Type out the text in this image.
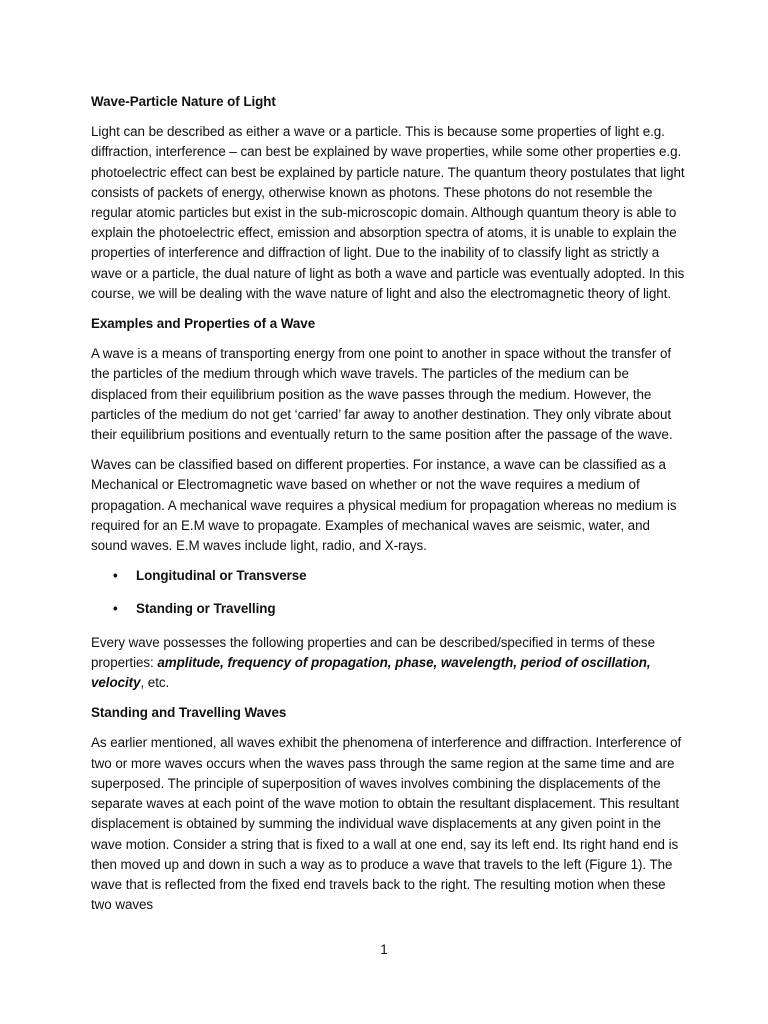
Wave-Particle Nature of Light

Light can be described as either a wave or a particle. This is because some properties of light e.g. diffraction, interference – can best be explained by wave properties, while some other properties e.g. photoelectric effect can best be explained by particle nature. The quantum theory postulates that light consists of packets of energy, otherwise known as photons. These photons do not resemble the regular atomic particles but exist in the sub-microscopic domain. Although quantum theory is able to explain the photoelectric effect, emission and absorption spectra of atoms, it is unable to explain the properties of interference and diffraction of light. Due to the inability of to classify light as strictly a wave or a particle, the dual nature of light as both a wave and particle was eventually adopted. In this course, we will be dealing with the wave nature of light and also the electromagnetic theory of light.

Examples and Properties of a Wave

A wave is a means of transporting energy from one point to another in space without the transfer of the particles of the medium through which wave travels. The particles of the medium can be displaced from their equilibrium position as the wave passes through the medium. However, the particles of the medium do not get ‘carried’ far away to another destination. They only vibrate about their equilibrium positions and eventually return to the same position after the passage of the wave.

Waves can be classified based on different properties. For instance, a wave can be classified as a Mechanical or Electromagnetic wave based on whether or not the wave requires a medium of propagation. A mechanical wave requires a physical medium for propagation whereas no medium is required for an E.M wave to propagate. Examples of mechanical waves are seismic, water, and sound waves. E.M waves include light, radio, and X-rays.

• Longitudinal or Transverse
• Standing or Travelling

Every wave possesses the following properties and can be described/specified in terms of these properties: amplitude, frequency of propagation, phase, wavelength, period of oscillation, velocity, etc.

Standing and Travelling Waves

As earlier mentioned, all waves exhibit the phenomena of interference and diffraction. Interference of two or more waves occurs when the waves pass through the same region at the same time and are superposed. The principle of superposition of waves involves combining the displacements of the separate waves at each point of the wave motion to obtain the resultant displacement. This resultant displacement is obtained by summing the individual wave displacements at any given point in the wave motion. Consider a string that is fixed to a wall at one end, say its left end. Its right hand end is then moved up and down in such a way as to produce a wave that travels to the left (Figure 1). The wave that is reflected from the fixed end travels back to the right. The resulting motion when these two waves

1
